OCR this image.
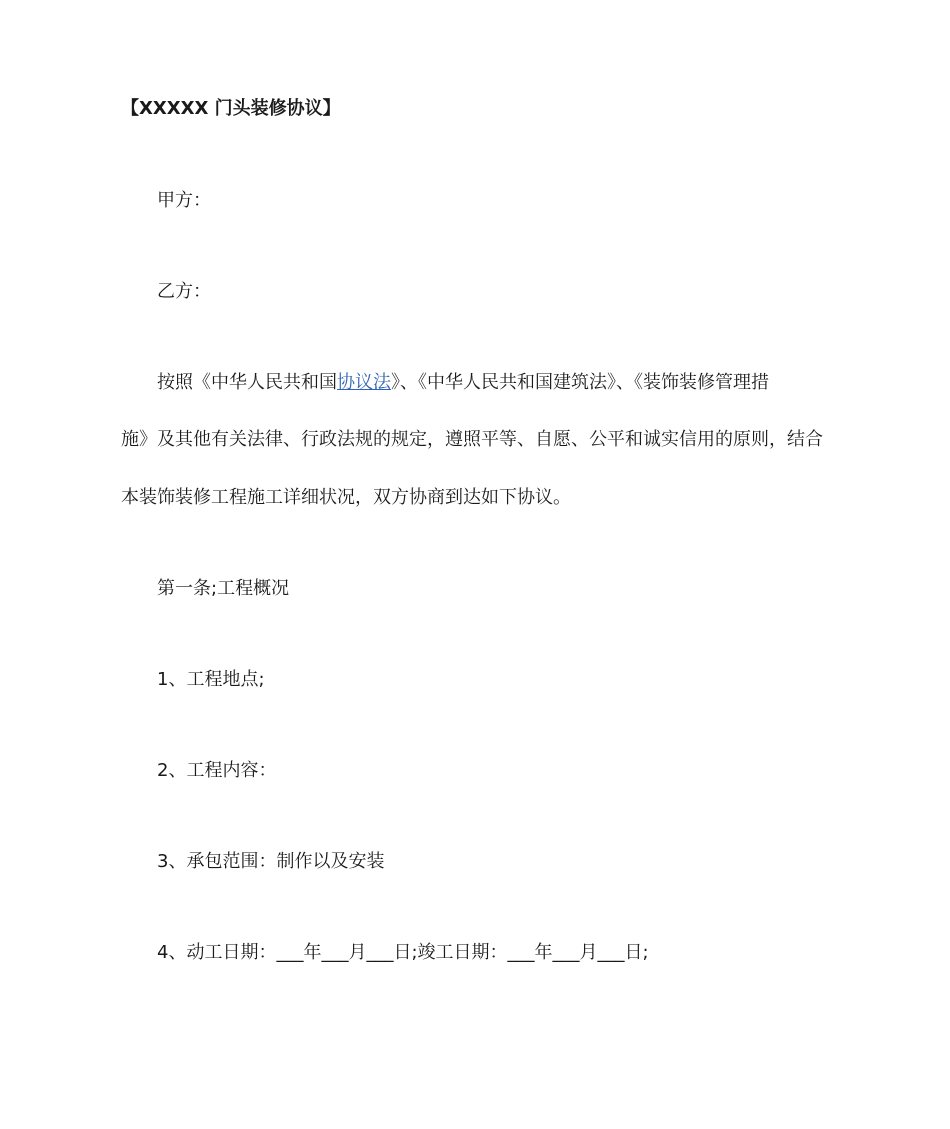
【XXXXX 门头装修协议】
甲方：
乙方：
按照《中华人民共和国协议法》、《中华人民共和国建筑法》、《装饰装修管理措
施》及其他有关法律、行政法规的规定，遵照平等、自愿、公平和诚实信用的原则，结合
本装饰装修工程施工详细状况，双方协商到达如下协议。
第一条;工程概况
1、工程地点;
2、工程内容：
3、承包范围：制作以及安装
4、动工日期：___年___月___日;竣工日期：___年___月___日;
